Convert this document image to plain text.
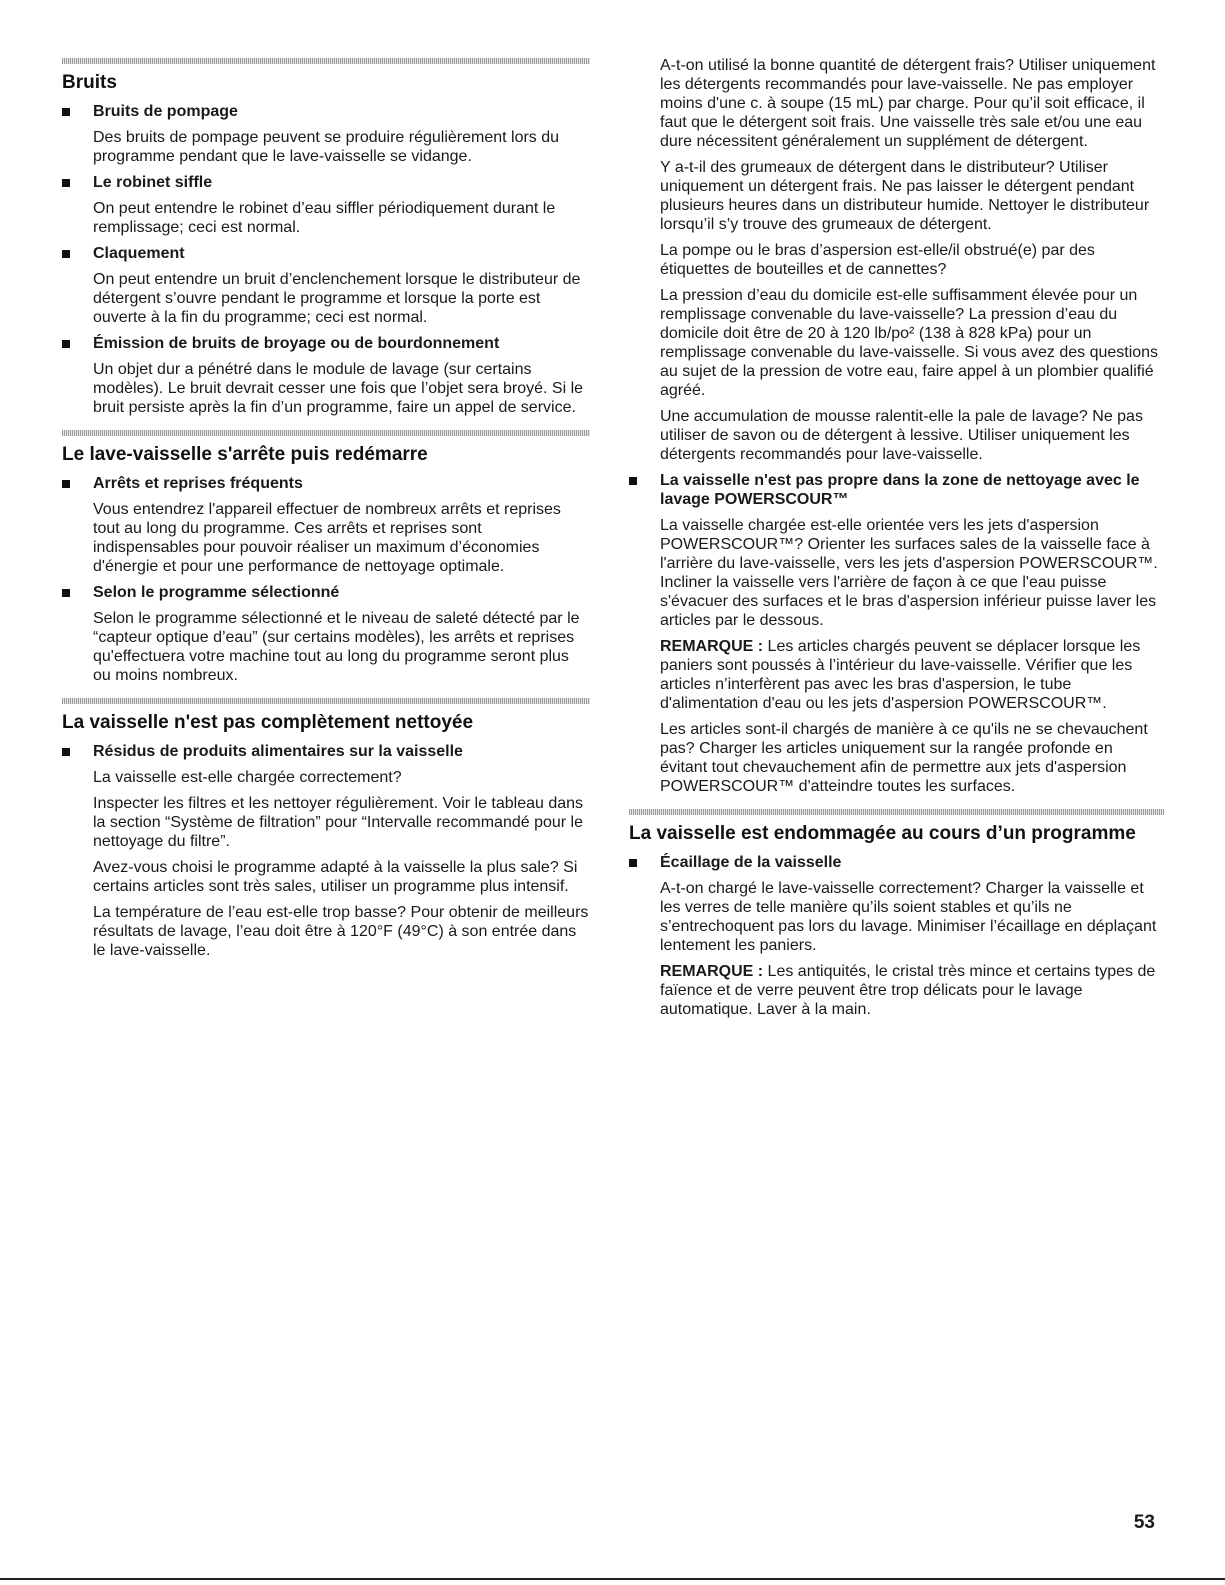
Bruits
Bruits de pompage

Des bruits de pompage peuvent se produire régulièrement lors du programme pendant que le lave-vaisselle se vidange.

Le robinet siffle

On peut entendre le robinet d’eau siffler périodiquement durant le remplissage; ceci est normal.

Claquement

On peut entendre un bruit d’enclenchement lorsque le distributeur de détergent s’ouvre pendant le programme et lorsque la porte est ouverte à la fin du programme; ceci est normal.

Émission de bruits de broyage ou de bourdonnement

Un objet dur a pénétré dans le module de lavage (sur certains modèles). Le bruit devrait cesser une fois que l’objet sera broyé. Si le bruit persiste après la fin d’un programme, faire un appel de service.

Le lave-vaisselle s'arrête puis redémarre
Arrêts et reprises fréquents

Vous entendrez l'appareil effectuer de nombreux arrêts et reprises tout au long du programme. Ces arrêts et reprises sont indispensables pour pouvoir réaliser un maximum d’économies d'énergie et pour une performance de nettoyage optimale.

Selon le programme sélectionné

Selon le programme sélectionné et le niveau de saleté détecté par le “capteur optique d’eau” (sur certains modèles), les arrêts et reprises qu'effectuera votre machine tout au long du programme seront plus ou moins nombreux.

La vaisselle n'est pas complètement nettoyée
Résidus de produits alimentaires sur la vaisselle

La vaisselle est-elle chargée correctement?

Inspecter les filtres et les nettoyer régulièrement. Voir le tableau dans la section “Système de filtration” pour “Intervalle recommandé pour le nettoyage du filtre”.

Avez-vous choisi le programme adapté à la vaisselle la plus sale? Si certains articles sont très sales, utiliser un programme plus intensif.

La température de l’eau est-elle trop basse? Pour obtenir de meilleurs résultats de lavage, l’eau doit être à 120°F (49°C) à son entrée dans le lave-vaisselle.

A-t-on utilisé la bonne quantité de détergent frais? Utiliser uniquement les détergents recommandés pour lave-vaisselle. Ne pas employer moins d'une c. à soupe (15 mL) par charge. Pour qu’il soit efficace, il faut que le détergent soit frais. Une vaisselle très sale et/ou une eau dure nécessitent généralement un supplément de détergent.

Y a-t-il des grumeaux de détergent dans le distributeur? Utiliser uniquement un détergent frais. Ne pas laisser le détergent pendant plusieurs heures dans un distributeur humide. Nettoyer le distributeur lorsqu’il s’y trouve des grumeaux de détergent.

La pompe ou le bras d’aspersion est-elle/il obstrué(e) par des étiquettes de bouteilles et de cannettes?

La pression d’eau du domicile est-elle suffisamment élevée pour un remplissage convenable du lave-vaisselle? La pression d’eau du domicile doit être de 20 à 120 lb/po² (138 à 828 kPa) pour un remplissage convenable du lave-vaisselle. Si vous avez des questions au sujet de la pression de votre eau, faire appel à un plombier qualifié agréé.

Une accumulation de mousse ralentit-elle la pale de lavage? Ne pas utiliser de savon ou de détergent à lessive. Utiliser uniquement les détergents recommandés pour lave-vaisselle.

La vaisselle n'est pas propre dans la zone de nettoyage avec le lavage POWERSCOUR™

La vaisselle chargée est-elle orientée vers les jets d'aspersion POWERSCOUR™? Orienter les surfaces sales de la vaisselle face à l'arrière du lave-vaisselle, vers les jets d'aspersion POWERSCOUR™. Incliner la vaisselle vers l'arrière de façon à ce que l'eau puisse s'évacuer des surfaces et le bras d'aspersion inférieur puisse laver les articles par le dessous.

REMARQUE : Les articles chargés peuvent se déplacer lorsque les paniers sont poussés à l’intérieur du lave-vaisselle. Vérifier que les articles n’interfèrent pas avec les bras d'aspersion, le tube d'alimentation d'eau ou les jets d'aspersion POWERSCOUR™.

Les articles sont-il chargés de manière à ce qu'ils ne se chevauchent pas? Charger les articles uniquement sur la rangée profonde en évitant tout chevauchement afin de permettre aux jets d'aspersion POWERSCOUR™ d'atteindre toutes les surfaces.

La vaisselle est endommagée au cours d’un programme
Écaillage de la vaisselle

A-t-on chargé le lave-vaisselle correctement? Charger la vaisselle et les verres de telle manière qu’ils soient stables et qu’ils ne s’entrechoquent pas lors du lavage. Minimiser l’écaillage en déplaçant lentement les paniers.

REMARQUE : Les antiquités, le cristal très mince et certains types de faïence et de verre peuvent être trop délicats pour le lavage automatique. Laver à la main.

53
